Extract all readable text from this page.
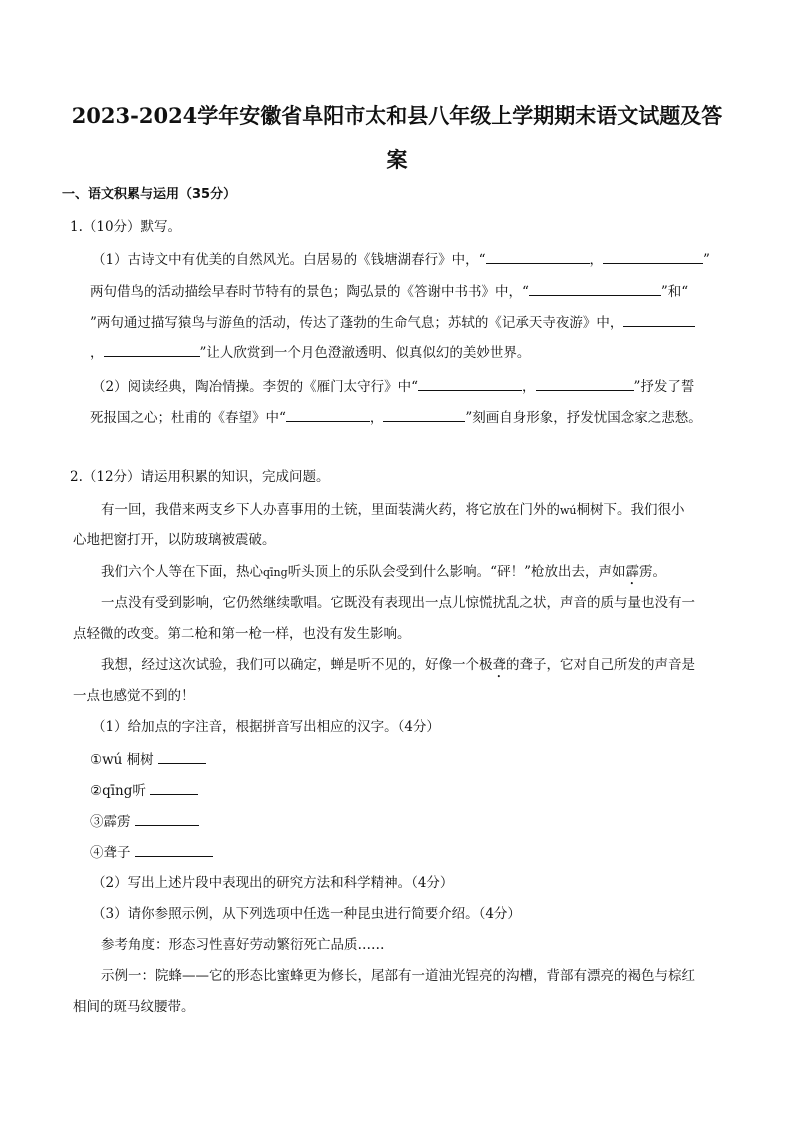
2023-2024学年安徽省阜阳市太和县八年级上学期期末语文试题及答
案
一、语文积累与运用（35分）
1.（10分）默写。
（1）古诗文中有优美的自然风光。白居易的《钱塘湖春行》中，“	，	”
两句借鸟的活动描绘早春时节特有的景色；陶弘景的《答谢中书书》中，“	”和“
”两句通过描写猿鸟与游鱼的活动，传达了蓬勃的生命气息；苏轼的《记承天寺夜游》中，
，	”让人欣赏到一个月色澄澈透明、似真似幻的美妙世界。
（2）阅读经典，陶冶情操。李贺的《雁门太守行》中“	，	”抒发了誓
死报国之心；杜甫的《春望》中“	，	”刻画自身形象，抒发忧国念家之悲愁。
2.（12分）请运用积累的知识，完成问题。
有一回，我借来两支乡下人办喜事用的土铳，里面装满火药，将它放在门外的wú桐树下。我们很小
心地把窗打开，以防玻璃被震破。
我们六个人等在下面，热心qīng听头顶上的乐队会受到什么影响。“砰！”枪放出去，声如霹雳。
一点没有受到影响，它仍然继续歌唱。它既没有表现出一点儿惊慌扰乱之状，声音的质与量也没有一
点轻微的改变。第二枪和第一枪一样，也没有发生影响。
我想，经过这次试验，我们可以确定，蝉是听不见的，好像一个极聋的聋子，它对自己所发的声音是
一点也感觉不到的！
（1）给加点的字注音，根据拼音写出相应的汉字。（4分）
①wú 桐树
②qīng听
③霹雳
④聋子
（2）写出上述片段中表现出的研究方法和科学精神。（4分）
（3）请你参照示例，从下列选项中任选一种昆虫进行简要介绍。（4分）
参考角度：形态习性喜好劳动繁衍死亡品质……
示例一：院蜂——它的形态比蜜蜂更为修长，尾部有一道油光锃亮的沟槽，背部有漂亮的褐色与棕红
相间的斑马纹腰带。
